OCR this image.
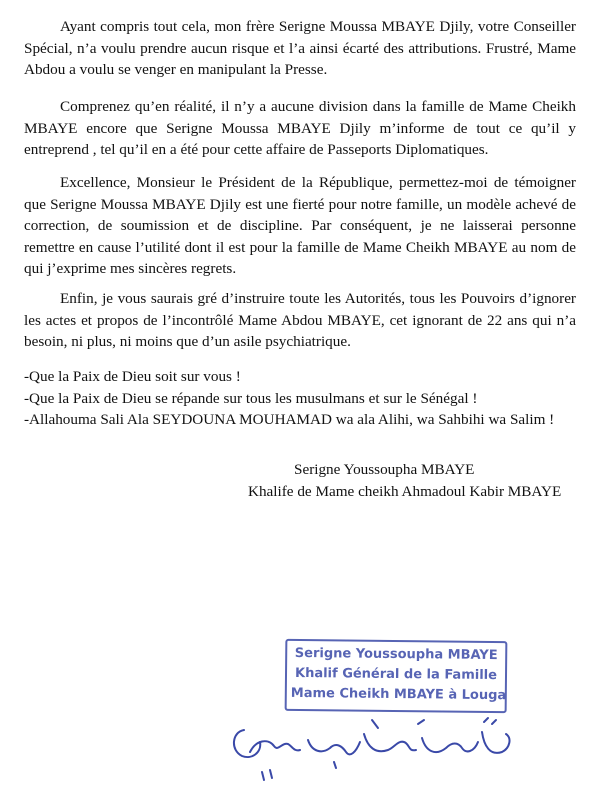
Ayant compris tout cela, mon frère Serigne Moussa MBAYE Djily, votre Conseiller Spécial, n’a voulu prendre aucun risque et l’a ainsi écarté des attributions. Frustré, Mame Abdou a voulu se venger en manipulant la Presse.

Comprenez qu’en réalité, il n’y a aucune division dans la famille de Mame Cheikh MBAYE encore que Serigne Moussa MBAYE Djily m’informe de tout ce qu’il y entreprend , tel qu’il en a été pour cette affaire de Passeports Diplomatiques.

Excellence, Monsieur le Président de la République, permettez-moi de témoigner que Serigne Moussa MBAYE Djily est une fierté pour notre famille, un modèle achevé de correction, de soumission et de discipline. Par conséquent, je ne laisserai personne remettre en cause l’utilité dont il est pour la famille de Mame Cheikh MBAYE au nom de qui j’exprime mes sincères regrets.

Enfin, je vous saurais gré d’instruire toute les Autorités, tous les Pouvoirs d’ignorer les actes et propos de l’incontrôlé Mame Abdou MBAYE, cet ignorant de 22 ans qui n’a besoin, ni plus, ni moins que d’un asile psychiatrique.

-Que la Paix de Dieu soit sur vous !
-Que la Paix de Dieu se répande sur tous les musulmans et sur le Sénégal !
-Allahouma Sali Ala SEYDOUNA MOUHAMAD wa ala Alihi, wa Sahbihi wa Salim !
Serigne Youssoupha MBAYE
Khalife de Mame cheikh Ahmadoul Kabir MBAYE
Serigne Youssoupha MBAYE
Khalif Général de la Famille
Mame Cheikh MBAYE à Louga
